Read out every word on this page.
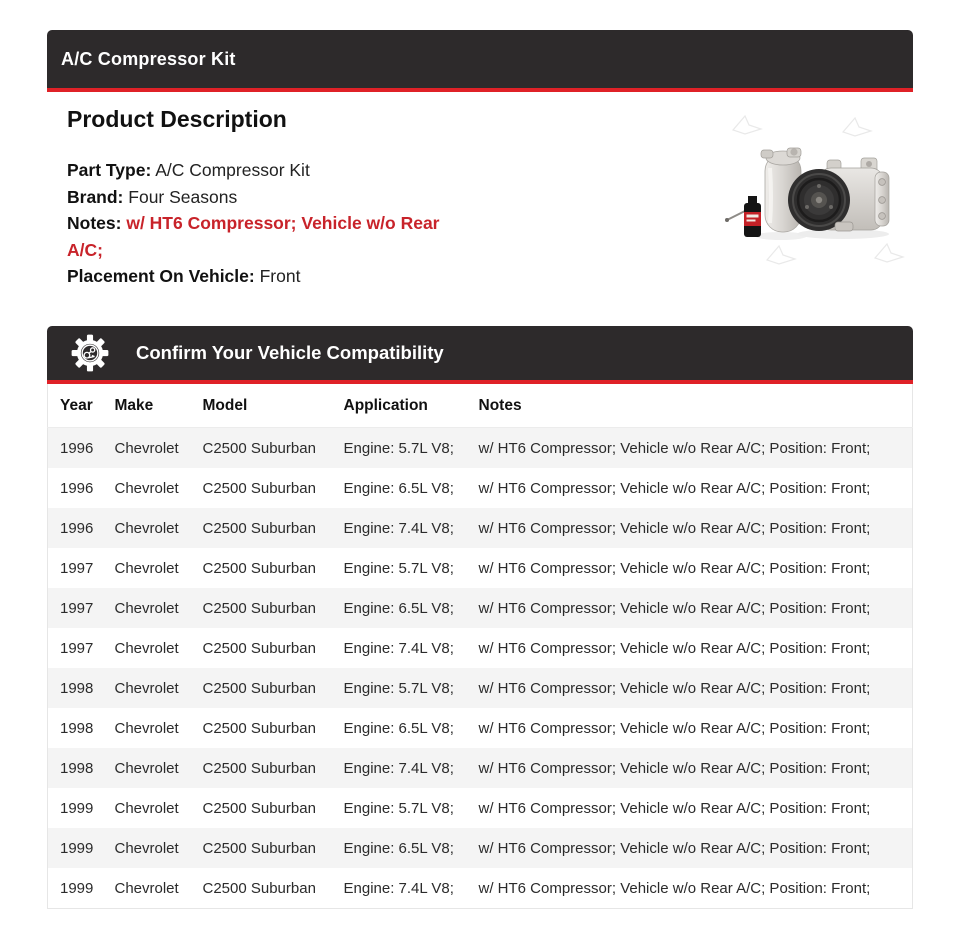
A/C Compressor Kit
Product Description
Part Type: A/C Compressor Kit
Brand: Four Seasons
Notes: w/ HT6 Compressor; Vehicle w/o Rear A/C;
Placement On Vehicle: Front
Confirm Your Vehicle Compatibility
Year	Make	Model	Application	Notes
1996	Chevrolet	C2500 Suburban	Engine: 5.7L V8;	w/ HT6 Compressor; Vehicle w/o Rear A/C; Position: Front;
1996	Chevrolet	C2500 Suburban	Engine: 6.5L V8;	w/ HT6 Compressor; Vehicle w/o Rear A/C; Position: Front;
1996	Chevrolet	C2500 Suburban	Engine: 7.4L V8;	w/ HT6 Compressor; Vehicle w/o Rear A/C; Position: Front;
1997	Chevrolet	C2500 Suburban	Engine: 5.7L V8;	w/ HT6 Compressor; Vehicle w/o Rear A/C; Position: Front;
1997	Chevrolet	C2500 Suburban	Engine: 6.5L V8;	w/ HT6 Compressor; Vehicle w/o Rear A/C; Position: Front;
1997	Chevrolet	C2500 Suburban	Engine: 7.4L V8;	w/ HT6 Compressor; Vehicle w/o Rear A/C; Position: Front;
1998	Chevrolet	C2500 Suburban	Engine: 5.7L V8;	w/ HT6 Compressor; Vehicle w/o Rear A/C; Position: Front;
1998	Chevrolet	C2500 Suburban	Engine: 6.5L V8;	w/ HT6 Compressor; Vehicle w/o Rear A/C; Position: Front;
1998	Chevrolet	C2500 Suburban	Engine: 7.4L V8;	w/ HT6 Compressor; Vehicle w/o Rear A/C; Position: Front;
1999	Chevrolet	C2500 Suburban	Engine: 5.7L V8;	w/ HT6 Compressor; Vehicle w/o Rear A/C; Position: Front;
1999	Chevrolet	C2500 Suburban	Engine: 6.5L V8;	w/ HT6 Compressor; Vehicle w/o Rear A/C; Position: Front;
1999	Chevrolet	C2500 Suburban	Engine: 7.4L V8;	w/ HT6 Compressor; Vehicle w/o Rear A/C; Position: Front;
